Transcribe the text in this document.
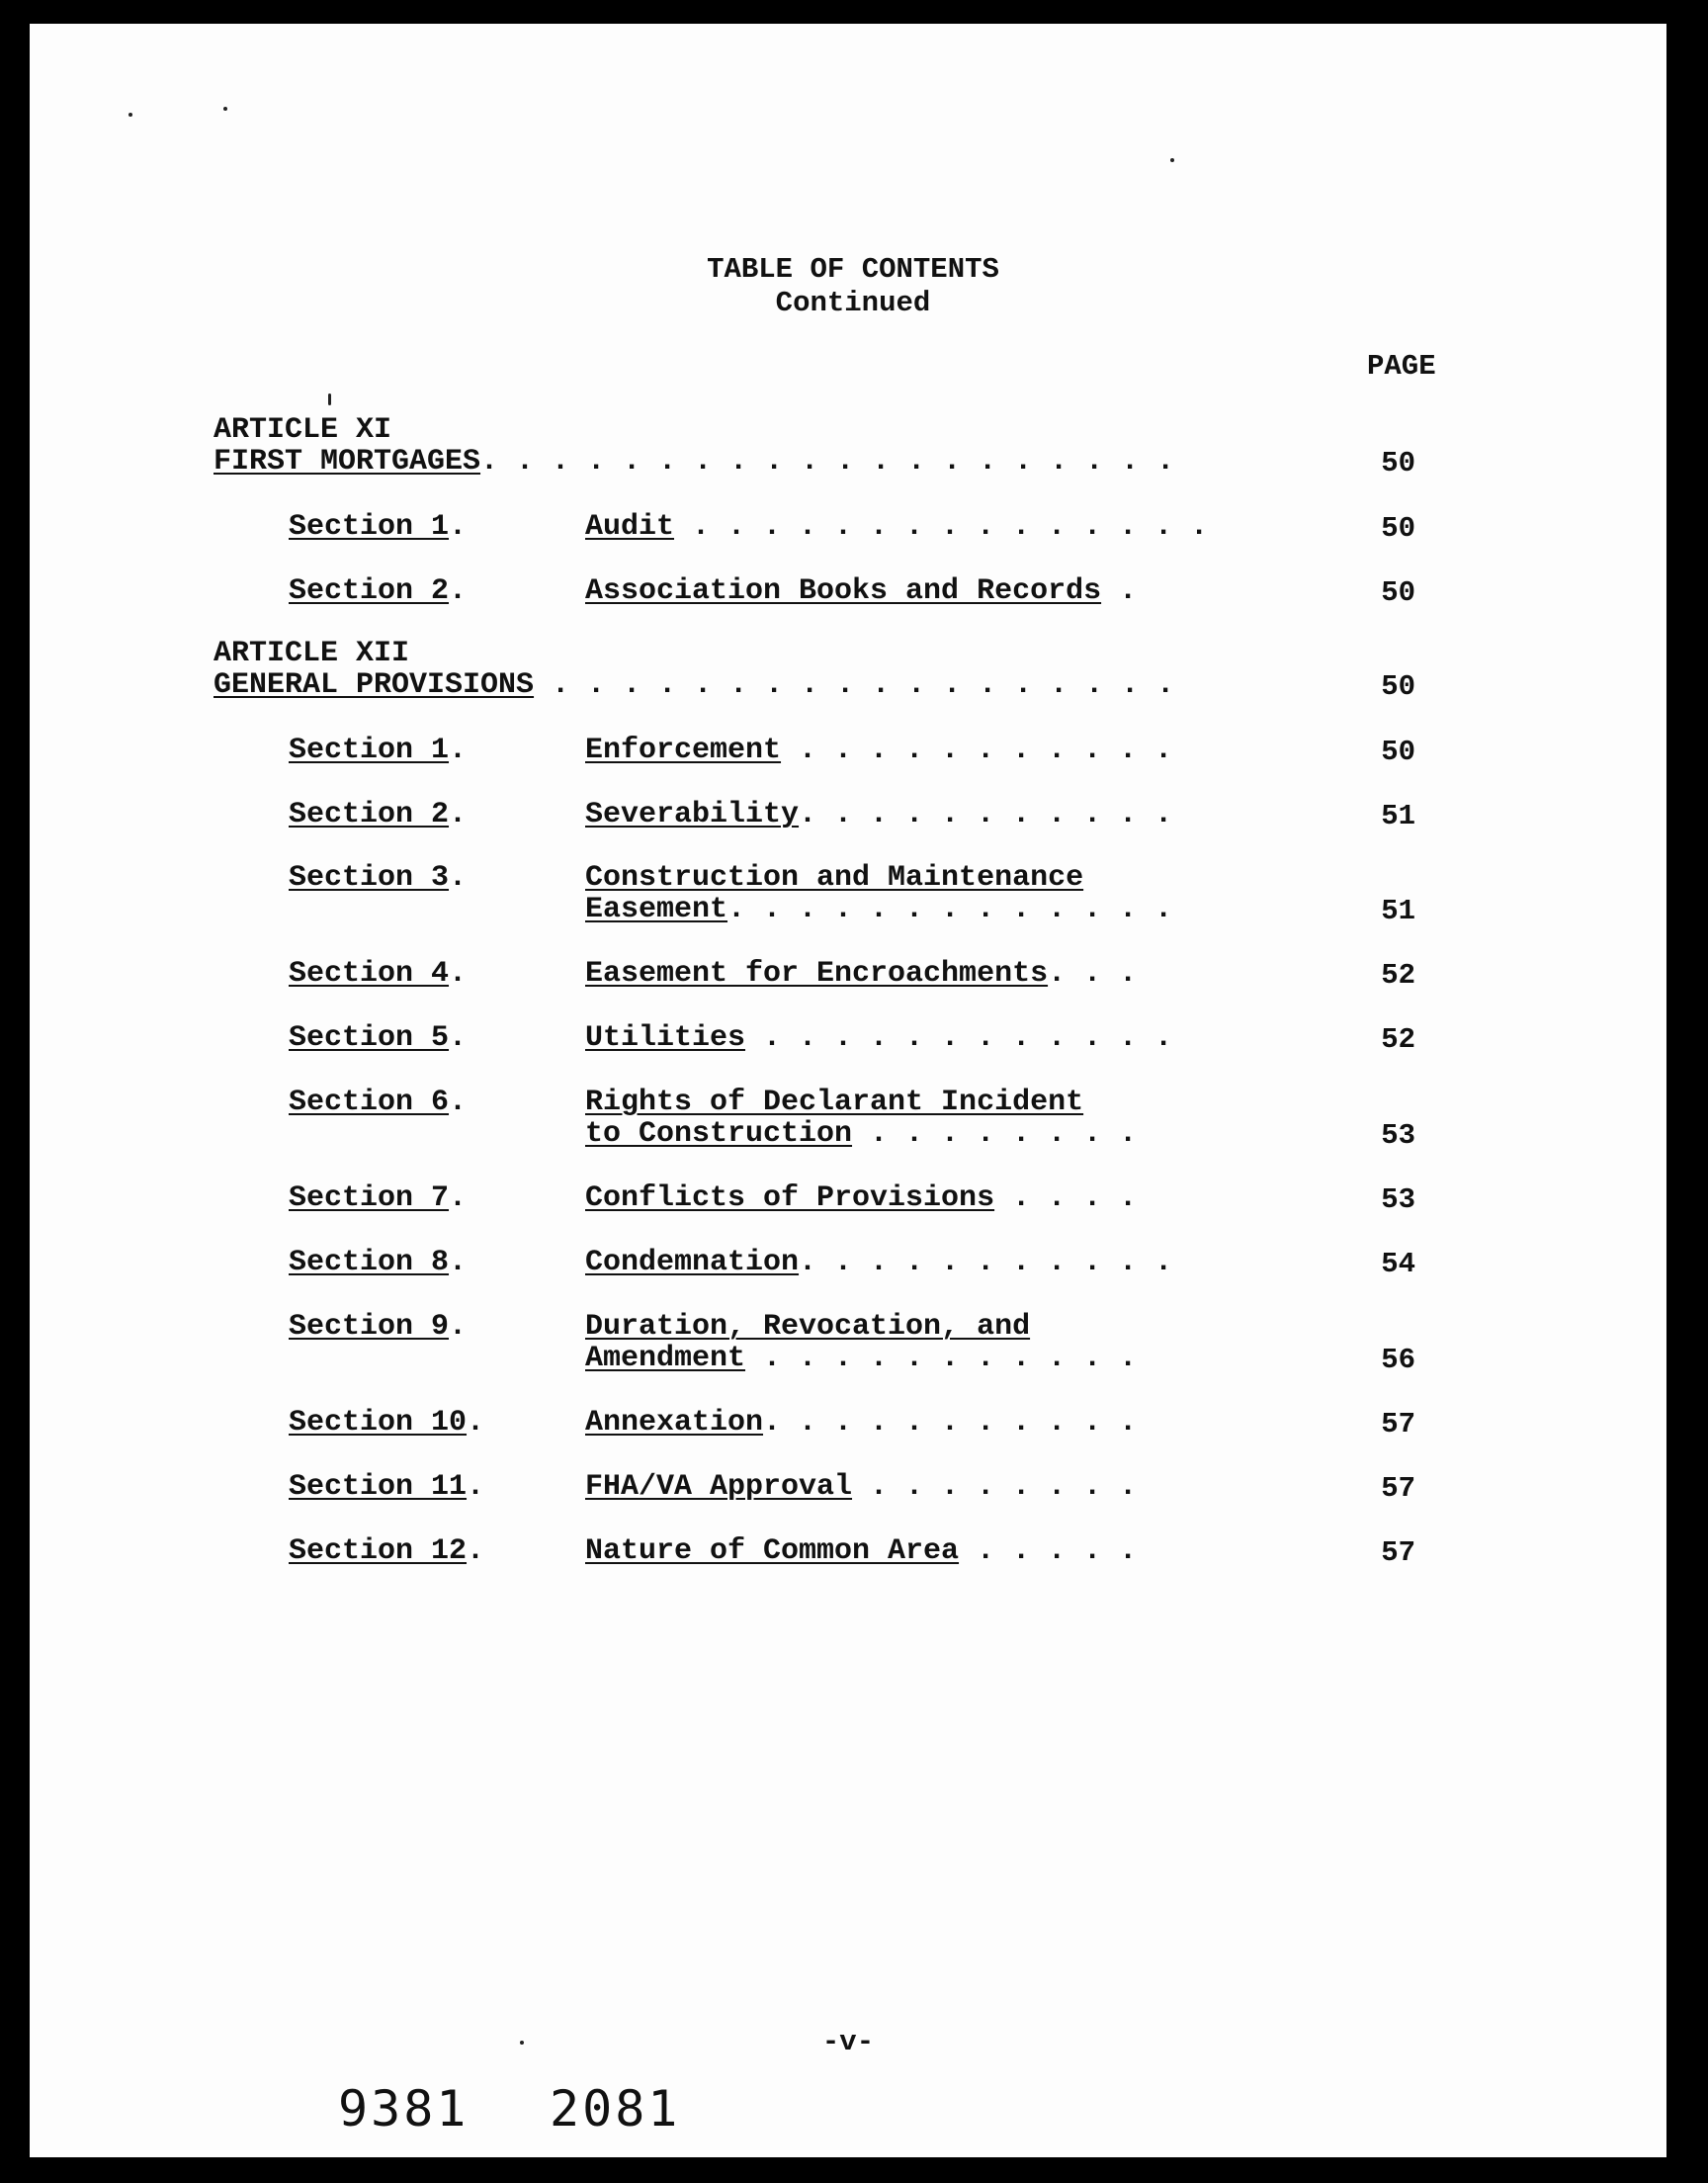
TABLE OF CONTENTS
Continued
PAGE
ARTICLE XI
FIRST MORTGAGES. . . . . . . . . . . . . . . . . . . .	50
Section 1.	Audit . . . . . . . . . . . . . . .	50
Section 2.	Association Books and Records .	50
ARTICLE XII
GENERAL PROVISIONS . . . . . . . . . . . . . . . . . .	50
Section 1.	Enforcement . . . . . . . . . . .	50
Section 2.	Severability. . . . . . . . . . .	51
Section 3.	Construction and Maintenance
Easement. . . . . . . . . . . . .	51
Section 4.	Easement for Encroachments. . .	52
Section 5.	Utilities . . . . . . . . . . . .	52
Section 6.	Rights of Declarant Incident
to Construction . . . . . . . .	53
Section 7.	Conflicts of Provisions . . . .	53
Section 8.	Condemnation. . . . . . . . . . .	54
Section 9.	Duration, Revocation, and
Amendment . . . . . . . . . . .	56
Section 10.	Annexation. . . . . . . . . . .	57
Section 11.	FHA/VA Approval . . . . . . . .	57
Section 12.	Nature of Common Area . . . . .	57
-v-
9381 2081
